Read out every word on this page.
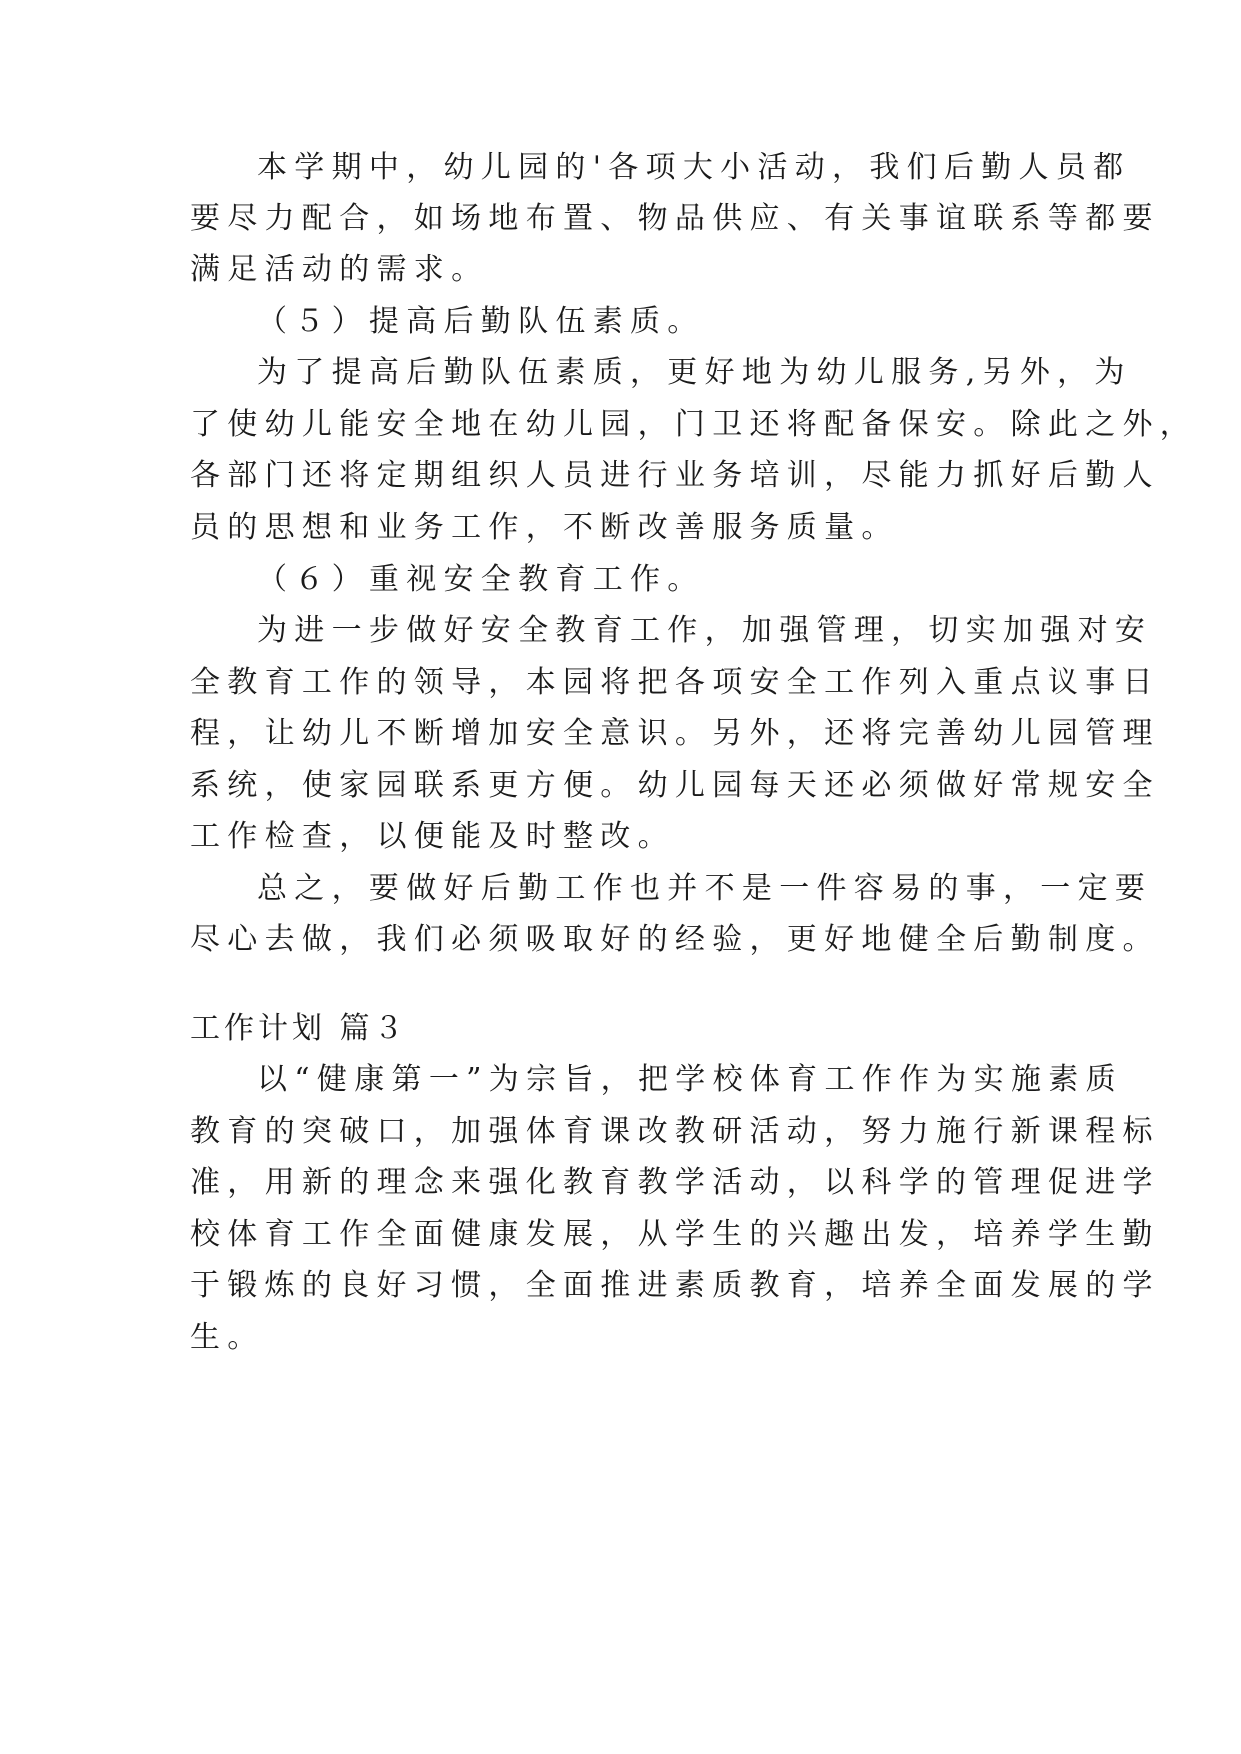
本学期中，幼儿园的'各项大小活动，我们后勤人员都
要尽力配合，如场地布置、物品供应、有关事谊联系等都要
满足活动的需求。
（５）提高后勤队伍素质。
为了提高后勤队伍素质，更好地为幼儿服务,另外，为
了使幼儿能安全地在幼儿园，门卫还将配备保安。除此之外，
各部门还将定期组织人员进行业务培训，尽能力抓好后勤人
员的思想和业务工作，不断改善服务质量。
（６）重视安全教育工作。
为进一步做好安全教育工作，加强管理，切实加强对安
全教育工作的领导，本园将把各项安全工作列入重点议事日
程，让幼儿不断增加安全意识。另外，还将完善幼儿园管理
系统，使家园联系更方便。幼儿园每天还必须做好常规安全
工作检查，以便能及时整改。
总之，要做好后勤工作也并不是一件容易的事，一定要
尽心去做，我们必须吸取好的经验，更好地健全后勤制度。
工作计划 篇３
以“健康第一”为宗旨，把学校体育工作作为实施素质
教育的突破口，加强体育课改教研活动，努力施行新课程标
准，用新的理念来强化教育教学活动，以科学的管理促进学
校体育工作全面健康发展，从学生的兴趣出发，培养学生勤
于锻炼的良好习惯，全面推进素质教育，培养全面发展的学
生。
